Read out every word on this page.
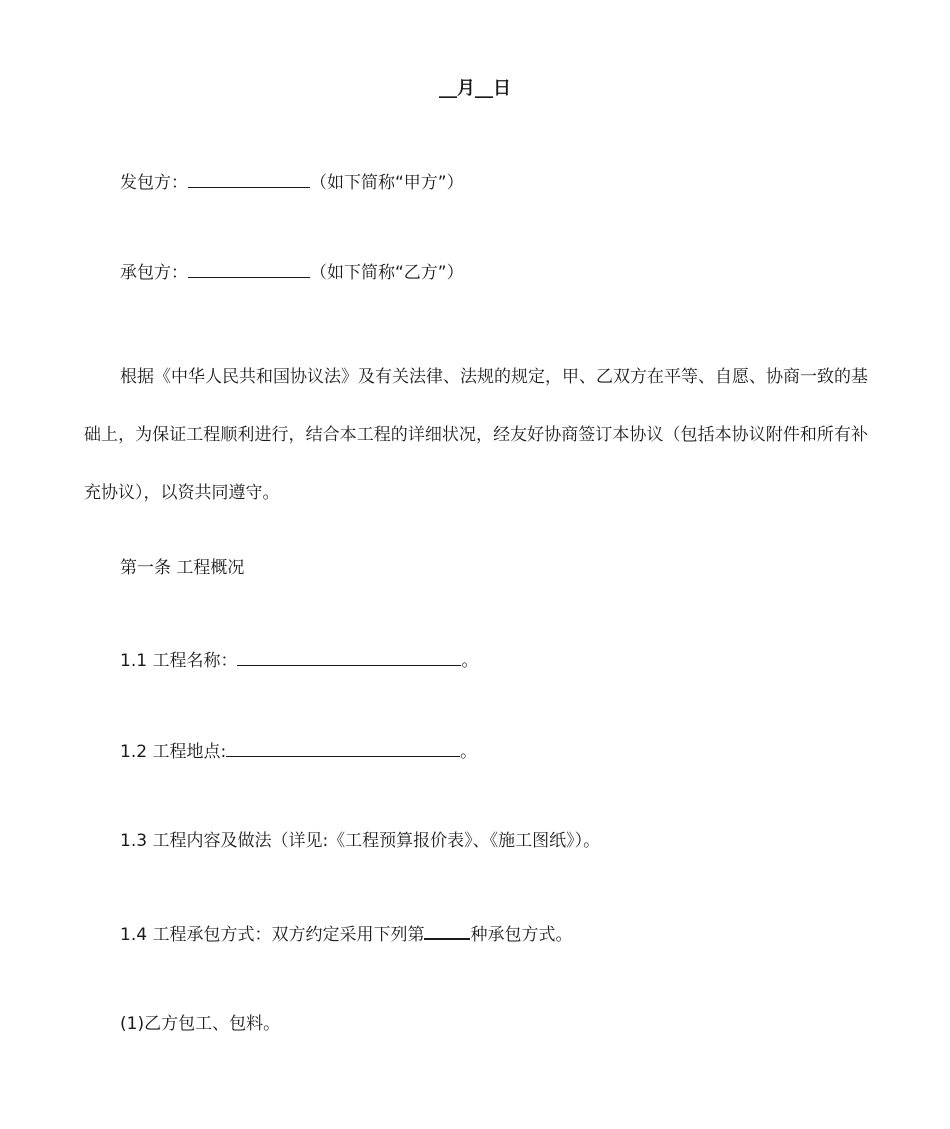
__月__日
发包方：	（如下简称“甲方”）
承包方：	（如下简称“乙方”）
根据《中华人民共和国协议法》及有关法律、法规的规定，甲、乙双方在平等、自愿、协商一致的基础上，为保证工程顺利进行，结合本工程的详细状况，经友好协商签订本协议（包括本协议附件和所有补充协议），以资共同遵守。
第一条 工程概况
1.1 工程名称：	。
1.2 工程地点:	。
1.3 工程内容及做法（详见:《工程预算报价表》、《施工图纸》）。
1.4 工程承包方式：双方约定采用下列第	种承包方式。
(1)乙方包工、包料。
